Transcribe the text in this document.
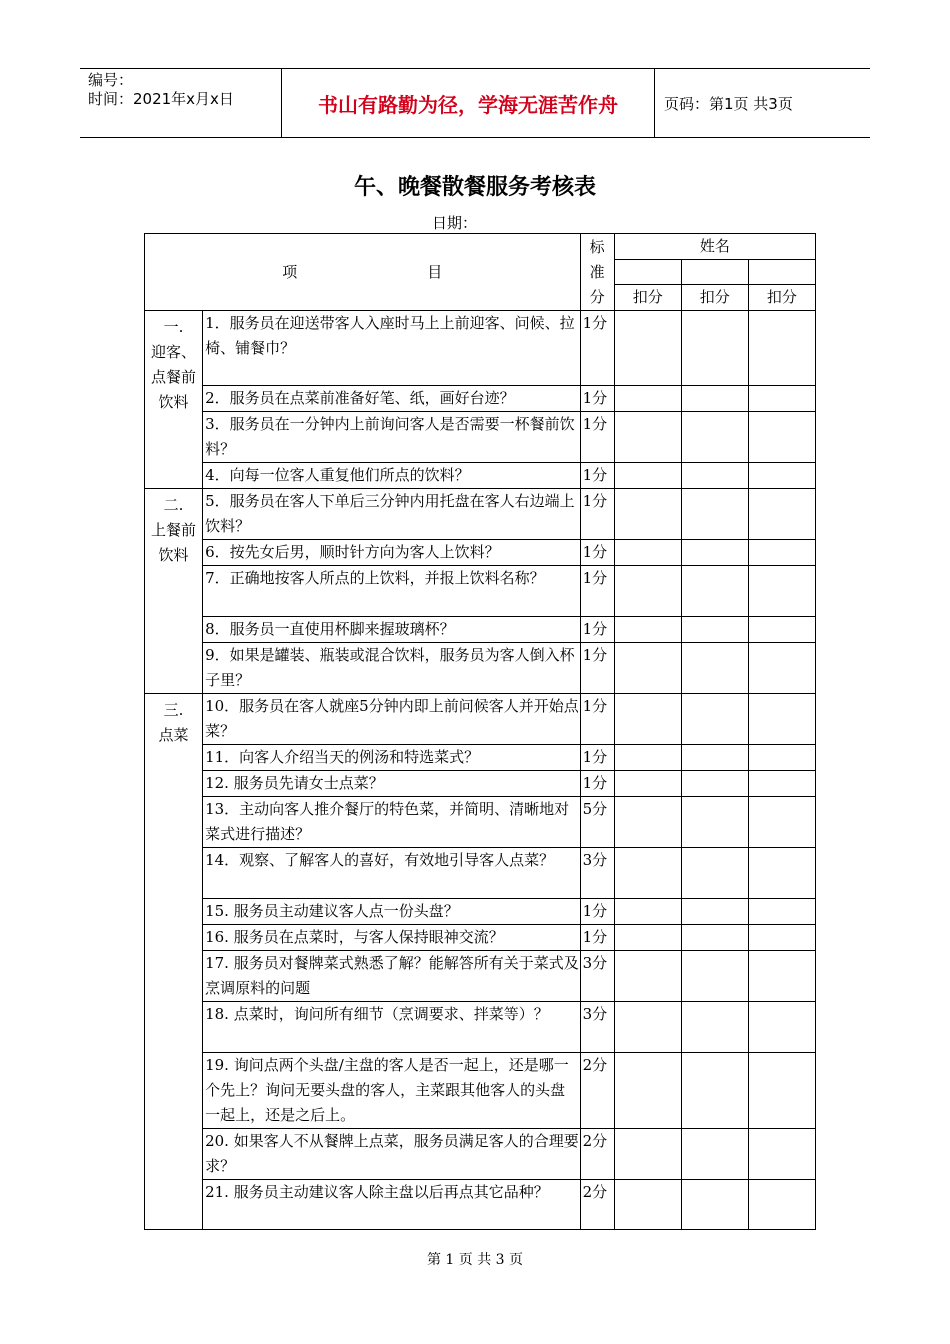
编号：
时间：2021年x月x日	书山有路勤为径，学海无涯苦作舟	页码：第1页 共3页
午、晚餐散餐服务考核表
日期：
项 目		标
准
分	姓名		

			扣分	扣分	扣分

一.
迎客、
点餐前
饮料	1．服务员在迎送带客人入座时马上上前迎客、问候、拉椅、铺餐巾？	1分			

	2．服务员在点菜前准备好笔、纸，画好台迹？	1分			

	3．服务员在一分钟内上前询问客人是否需要一杯餐前饮料？	1分			

	4．向每一位客人重复他们所点的饮料？	1分			

二.
上餐前
饮料	5．服务员在客人下单后三分钟内用托盘在客人右边端上饮料？	1分			

	6．按先女后男，顺时针方向为客人上饮料？	1分			

	7．正确地按客人所点的上饮料，并报上饮料名称？	1分			

	8．服务员一直使用杯脚来握玻璃杯？	1分			

	9．如果是罐装、瓶装或混合饮料，服务员为客人倒入杯子里？	1分			

三.
点菜	10．服务员在客人就座5分钟内即上前问候客人并开始点菜？	1分			

	11．向客人介绍当天的例汤和特选菜式？	1分			

	12. 服务员先请女士点菜？	1分			

	13．主动向客人推介餐厅的特色菜，并简明、清晰地对菜式进行描述？	5分			

	14．观察、了解客人的喜好，有效地引导客人点菜？	3分			

	15. 服务员主动建议客人点一份头盘？	1分			

	16. 服务员在点菜时，与客人保持眼神交流？	1分			

	17. 服务员对餐牌菜式熟悉了解？能解答所有关于菜式及烹调原料的问题	3分			

	18. 点菜时，询问所有细节（烹调要求、拌菜等）？	3分			

	19. 询问点两个头盘/主盘的客人是否一起上，还是哪一个先上？询问无要头盘的客人，主菜跟其他客人的头盘一起上，还是之后上。	2分			

	20. 如果客人不从餐牌上点菜，服务员满足客人的合理要求？	2分			

	21. 服务员主动建议客人除主盘以后再点其它品种？	2分			
第 1 页 共 3 页
